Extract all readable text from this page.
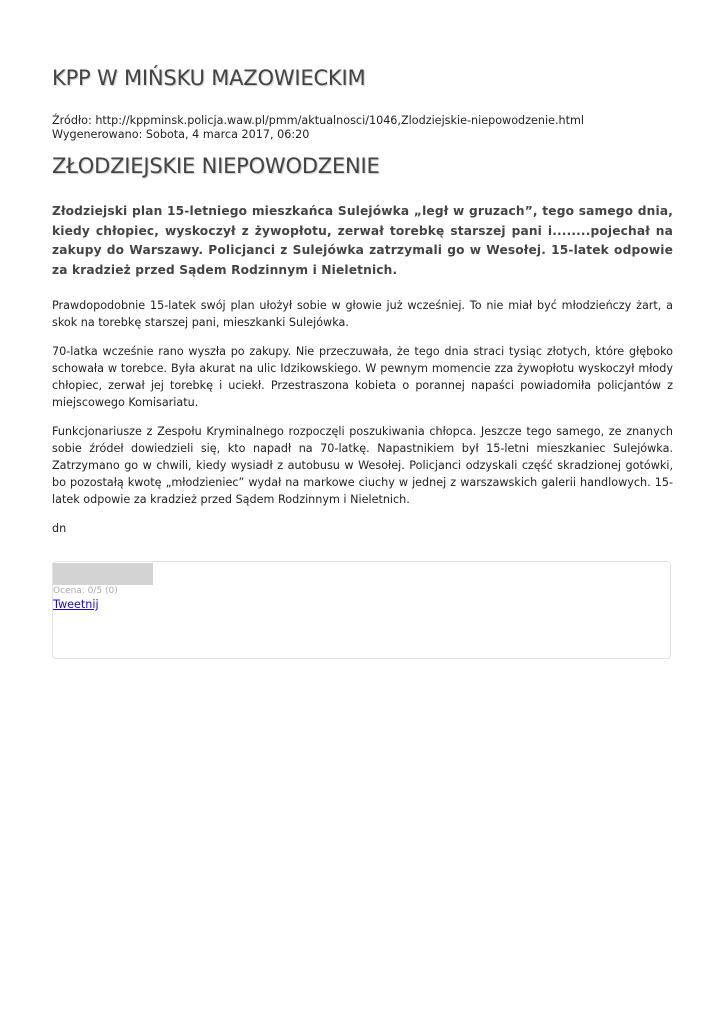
KPP W MIŃSKU MAZOWIECKIM
Źródło: http://kppminsk.policja.waw.pl/pmm/aktualnosci/1046,Zlodziejskie-niepowodzenie.html
Wygenerowano: Sobota, 4 marca 2017, 06:20
ZŁODZIEJSKIE NIEPOWODZENIE

Złodziejski plan 15-letniego mieszkańca Sulejówka „legł w gruzach”, tego samego dnia, kiedy chłopiec, wyskoczył z żywopłotu, zerwał torebkę starszej pani i........pojechał na zakupy do Warszawy. Policjanci z Sulejówka zatrzymali go w Wesołej. 15-latek odpowie za kradzież przed Sądem Rodzinnym i Nieletnich.

Prawdopodobnie 15-latek swój plan ułożył sobie w głowie już wcześniej. To nie miał być młodzieńczy żart, a skok na torebkę starszej pani, mieszkanki Sulejówka.

70-latka wcześnie rano wyszła po zakupy. Nie przeczuwała, że tego dnia straci tysiąc złotych, które głęboko schowała w torebce. Była akurat na ulic Idzikowskiego. W pewnym momencie zza żywopłotu wyskoczył młody chłopiec, zerwał jej torebkę i uciekł. Przestraszona kobieta o porannej napaści powiadomiła policjantów z miejscowego Komisariatu.

Funkcjonariusze z Zespołu Kryminalnego rozpoczęli poszukiwania chłopca. Jeszcze tego samego, ze znanych sobie źródeł dowiedzieli się, kto napadł na 70-latkę. Napastnikiem był 15-letni mieszkaniec Sulejówka. Zatrzymano go w chwili, kiedy wysiadł z autobusu w Wesołej. Policjanci odzyskali część skradzionej gotówki, bo pozostałą kwotę „młodzieniec” wydał na markowe ciuchy w jednej z warszawskich galerii handlowych. 15-latek odpowie za kradzież przed Sądem Rodzinnym i Nieletnich.

dn
Ocena: 0/5 (0)
Tweetnij
